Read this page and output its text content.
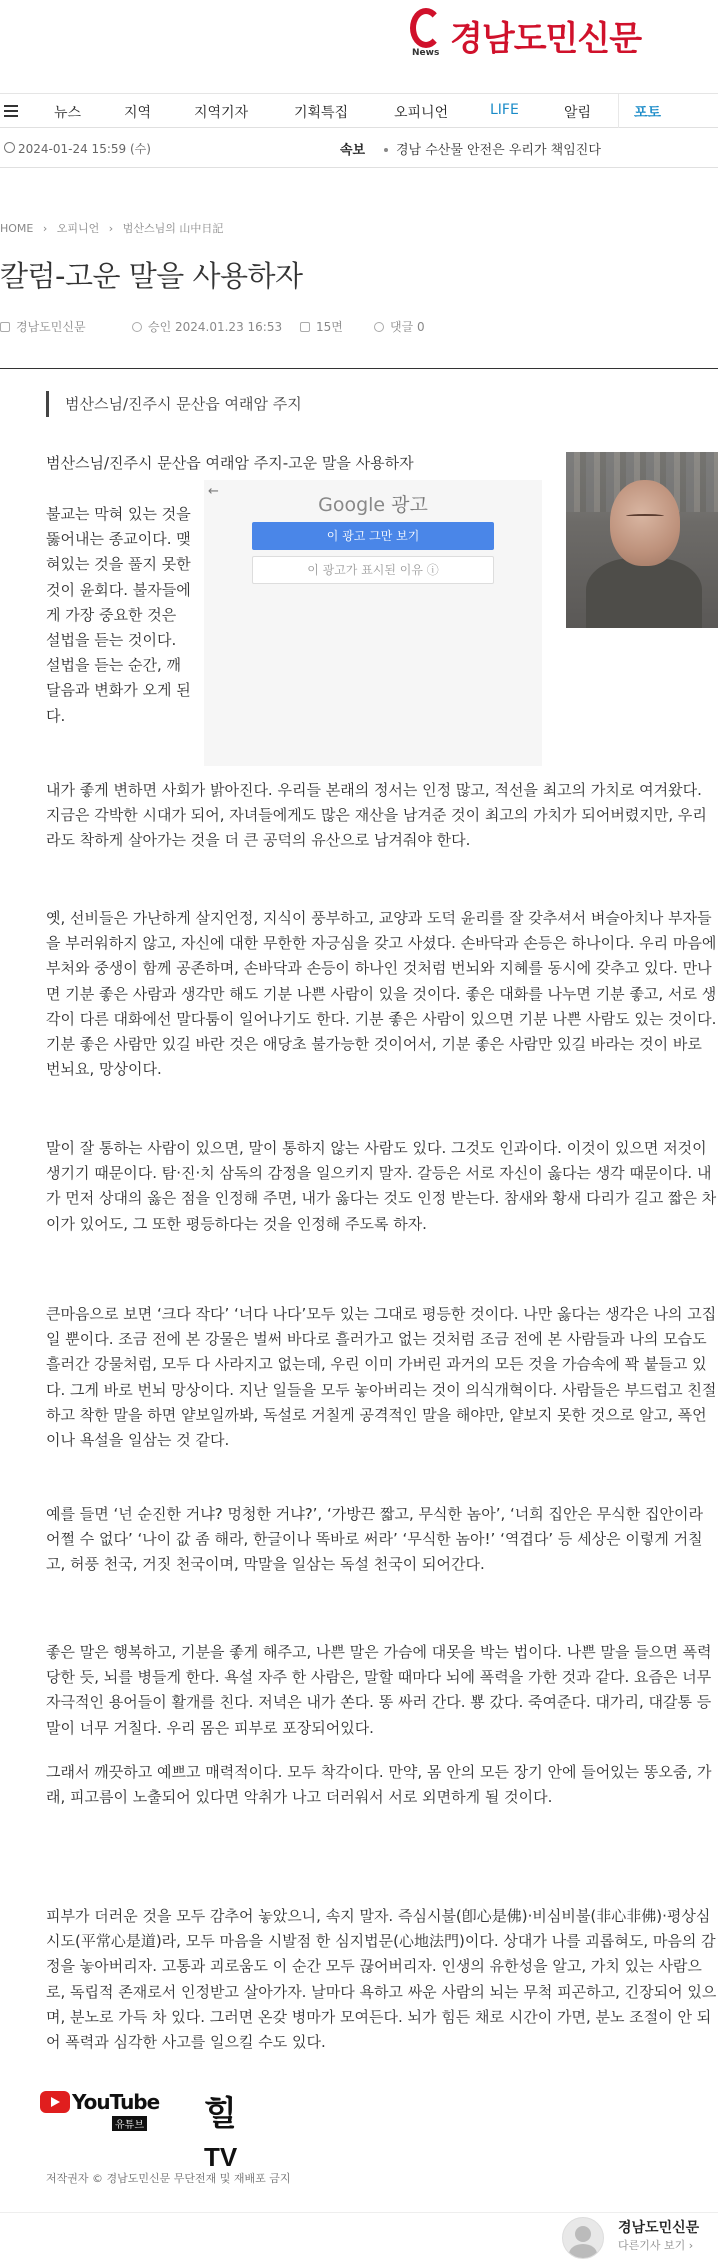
News 경남도민신문
뉴스	지역	지역기자	기획특집	오피니언	LIFE	알림	포토
2024-01-24 15:59 (수)	속보 경남 수산물 안전은 우리가 책임진다
HOME › 오피니언 › 범산스님의 山中日記
칼럼-고운 말을 사용하자
경남도민신문	승인 2024.01.23 16:53	15면	댓글 0
범산스님/진주시 문산읍 여래암 주지
범산스님/진주시 문산읍 여래암 주지-고운 말을 사용하자

불교는 막혀 있는 것을 뚫어내는 종교이다. 맺혀있는 것을 풀지 못한 것이 윤회다. 불자들에게 가장 중요한 것은 설법을 듣는 것이다. 설법을 듣는 순간, 깨달음과 변화가 오게 된다.

←
Google 광고
이 광고 그만 보기
이 광고가 표시된 이유 ⓘ
내가 좋게 변하면 사회가 밝아진다. 우리들 본래의 정서는 인정 많고, 적선을 최고의 가치로 여겨왔다. 지금은 각박한 시대가 되어, 자녀들에게도 많은 재산을 남겨준 것이 최고의 가치가 되어버렸지만, 우리라도 착하게 살아가는 것을 더 큰 공덕의 유산으로 남겨줘야 한다.
옛, 선비들은 가난하게 살지언정, 지식이 풍부하고, 교양과 도덕 윤리를 잘 갖추셔서 벼슬아치나 부자들을 부러워하지 않고, 자신에 대한 무한한 자긍심을 갖고 사셨다. 손바닥과 손등은 하나이다. 우리 마음에 부처와 중생이 함께 공존하며, 손바닥과 손등이 하나인 것처럼 번뇌와 지혜를 동시에 갖추고 있다. 만나면 기분 좋은 사람과 생각만 해도 기분 나쁜 사람이 있을 것이다. 좋은 대화를 나누면 기분 좋고, 서로 생각이 다른 대화에선 말다툼이 일어나기도 한다. 기분 좋은 사람이 있으면 기분 나쁜 사람도 있는 것이다. 기분 좋은 사람만 있길 바란 것은 애당초 불가능한 것이어서, 기분 좋은 사람만 있길 바라는 것이 바로 번뇌요, 망상이다.
말이 잘 통하는 사람이 있으면, 말이 통하지 않는 사람도 있다. 그것도 인과이다. 이것이 있으면 저것이 생기기 때문이다. 탐·진·치 삼독의 감정을 일으키지 말자. 갈등은 서로 자신이 옳다는 생각 때문이다. 내가 먼저 상대의 옳은 점을 인정해 주면, 내가 옳다는 것도 인정 받는다. 참새와 황새 다리가 길고 짧은 차이가 있어도, 그 또한 평등하다는 것을 인정해 주도록 하자.
큰마음으로 보면 ‘크다 작다’ ‘너다 나다’모두 있는 그대로 평등한 것이다. 나만 옳다는 생각은 나의 고집일 뿐이다. 조금 전에 본 강물은 벌써 바다로 흘러가고 없는 것처럼 조금 전에 본 사람들과 나의 모습도 흘러간 강물처럼, 모두 다 사라지고 없는데, 우린 이미 가버린 과거의 모든 것을 가슴속에 꽉 붙들고 있다. 그게 바로 번뇌 망상이다. 지난 일들을 모두 놓아버리는 것이 의식개혁이다. 사람들은 부드럽고 친절하고 착한 말을 하면 얕보일까봐, 독설로 거칠게 공격적인 말을 해야만, 얕보지 못한 것으로 알고, 폭언이나 욕설을 일삼는 것 같다.
예를 들면 ‘넌 순진한 거냐? 멍청한 거냐?’, ‘가방끈 짧고, 무식한 놈아’, ‘너희 집안은 무식한 집안이라 어쩔 수 없다’ ‘나이 값 좀 해라, 한글이나 똑바로 써라’ ‘무식한 놈아!’ ‘역겹다’ 등 세상은 이렇게 거칠고, 허풍 천국, 거짓 천국이며, 막말을 일삼는 독설 천국이 되어간다.
좋은 말은 행복하고, 기분을 좋게 해주고, 나쁜 말은 가슴에 대못을 박는 법이다. 나쁜 말을 들으면 폭력 당한 듯, 뇌를 병들게 한다. 욕설 자주 한 사람은, 말할 때마다 뇌에 폭력을 가한 것과 같다. 요즘은 너무 자극적인 용어들이 활개를 친다. 저녁은 내가 쏜다. 똥 싸러 간다. 뿅 갔다. 죽여준다. 대가리, 대갈통 등 말이 너무 거칠다. 우리 몸은 피부로 포장되어있다.
그래서 깨끗하고 예쁘고 매력적이다. 모두 착각이다. 만약, 몸 안의 모든 장기 안에 들어있는 똥오줌, 가래, 피고름이 노출되어 있다면 악취가 나고 더러워서 서로 외면하게 될 것이다.
피부가 더러운 것을 모두 감추어 놓았으니, 속지 말자. 즉심시불(卽心是佛)·비심비불(非心非佛)·평상심시도(平常心是道)라, 모두 마음을 시발점 한 심지법문(心地法門)이다. 상대가 나를 괴롭혀도, 마음의 감정을 놓아버리자. 고통과 괴로움도 이 순간 모두 끊어버리자. 인생의 유한성을 알고, 가치 있는 사람으로, 독립적 존재로서 인정받고 살아가자. 날마다 욕하고 싸운 사람의 뇌는 무척 피곤하고, 긴장되어 있으며, 분노로 가득 차 있다. 그러면 온갖 병마가 모여든다. 뇌가 힘든 채로 시간이 가면, 분노 조절이 안 되어 폭력과 심각한 사고를 일으킬 수도 있다.
YouTube
유튜브 힐TV
저작권자 © 경남도민신문 무단전재 및 재배포 금지
경남도민신문
다른기사 보기 ›
